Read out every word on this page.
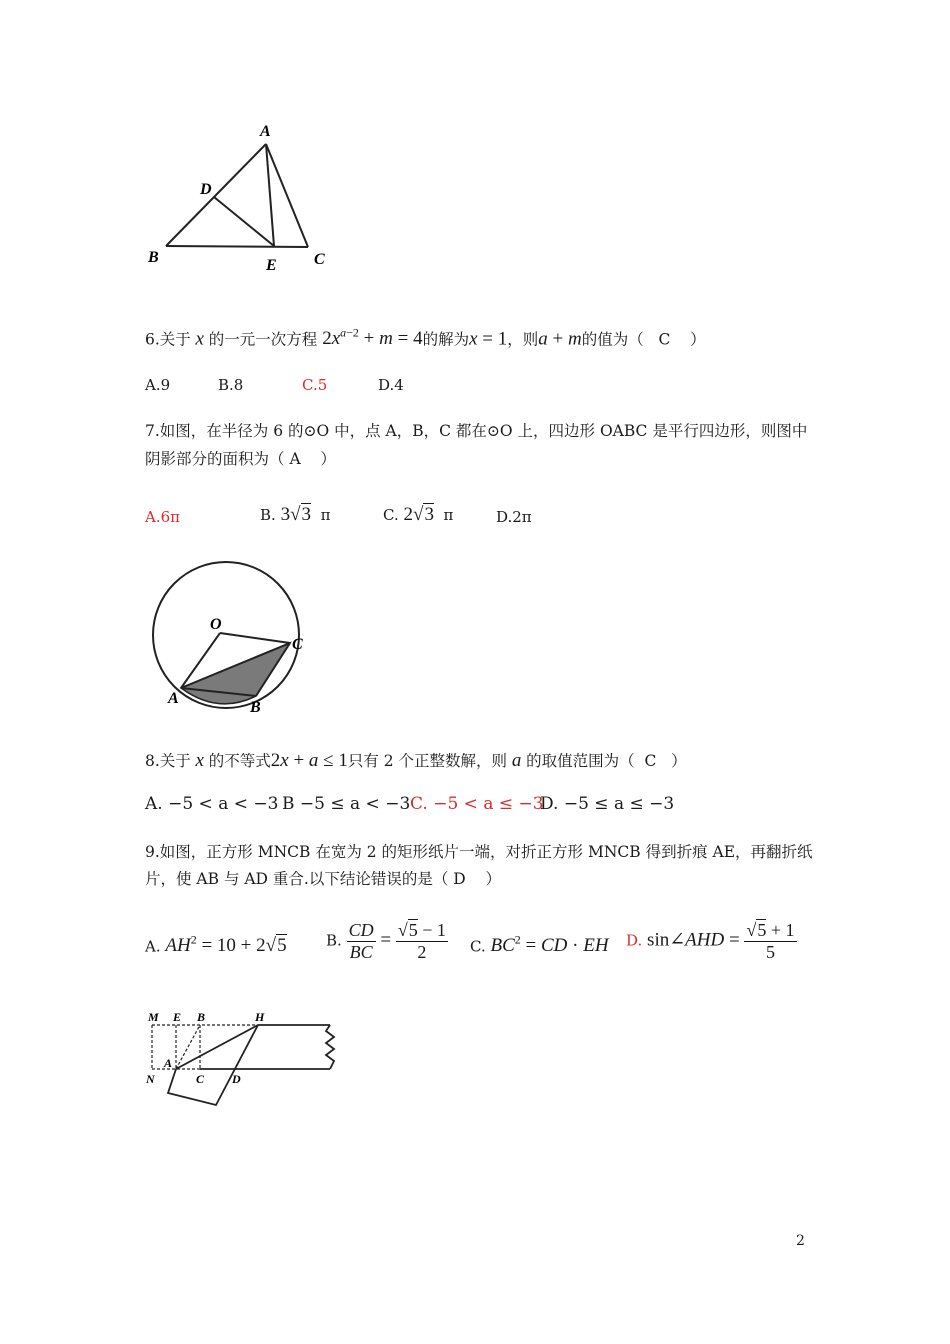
A
D
B	E C
6.关于 x 的一元一次方程 $2x^{a-2} + m = 4$的解为x = 1，则a + m的值为（ C ）
A.9	B.8	C.5	D.4
7.如图，在半径为 6 的⊙O 中，点 A，B，C 都在⊙O 上，四边形 OABC 是平行四边形，则图中
阴影部分的面积为（ A ）
A.6π	B. 3√3 π	C. 2√3 π	D.2π
O
C
A
B
8.关于 x 的不等式2x + a ≤ 1只有 2 个正整数解，则 a 的取值范围为（ C ）
A. −5 < a < −3 B −5 ≤ a < −3 C. −5 < a ≤ −3
D. −5 ≤ a ≤ −3
9.如图，正方形 MNCB 在宽为 2 的矩形纸片一端，对折正方形 MNCB 得到折痕 AE，再翻折纸
片，使 AB 与 AD 重合.以下结论错误的是（ D ）
A. $AH^2 = 10 + 2√5$	B. $\frac{CD}{BC} = \frac{√5 - 1}{2} C$. $BC^2$ = CD · EH D. sin∠AHD = $\frac{√5 + 1}{5}$
M E B	H
A
N	C D
2
